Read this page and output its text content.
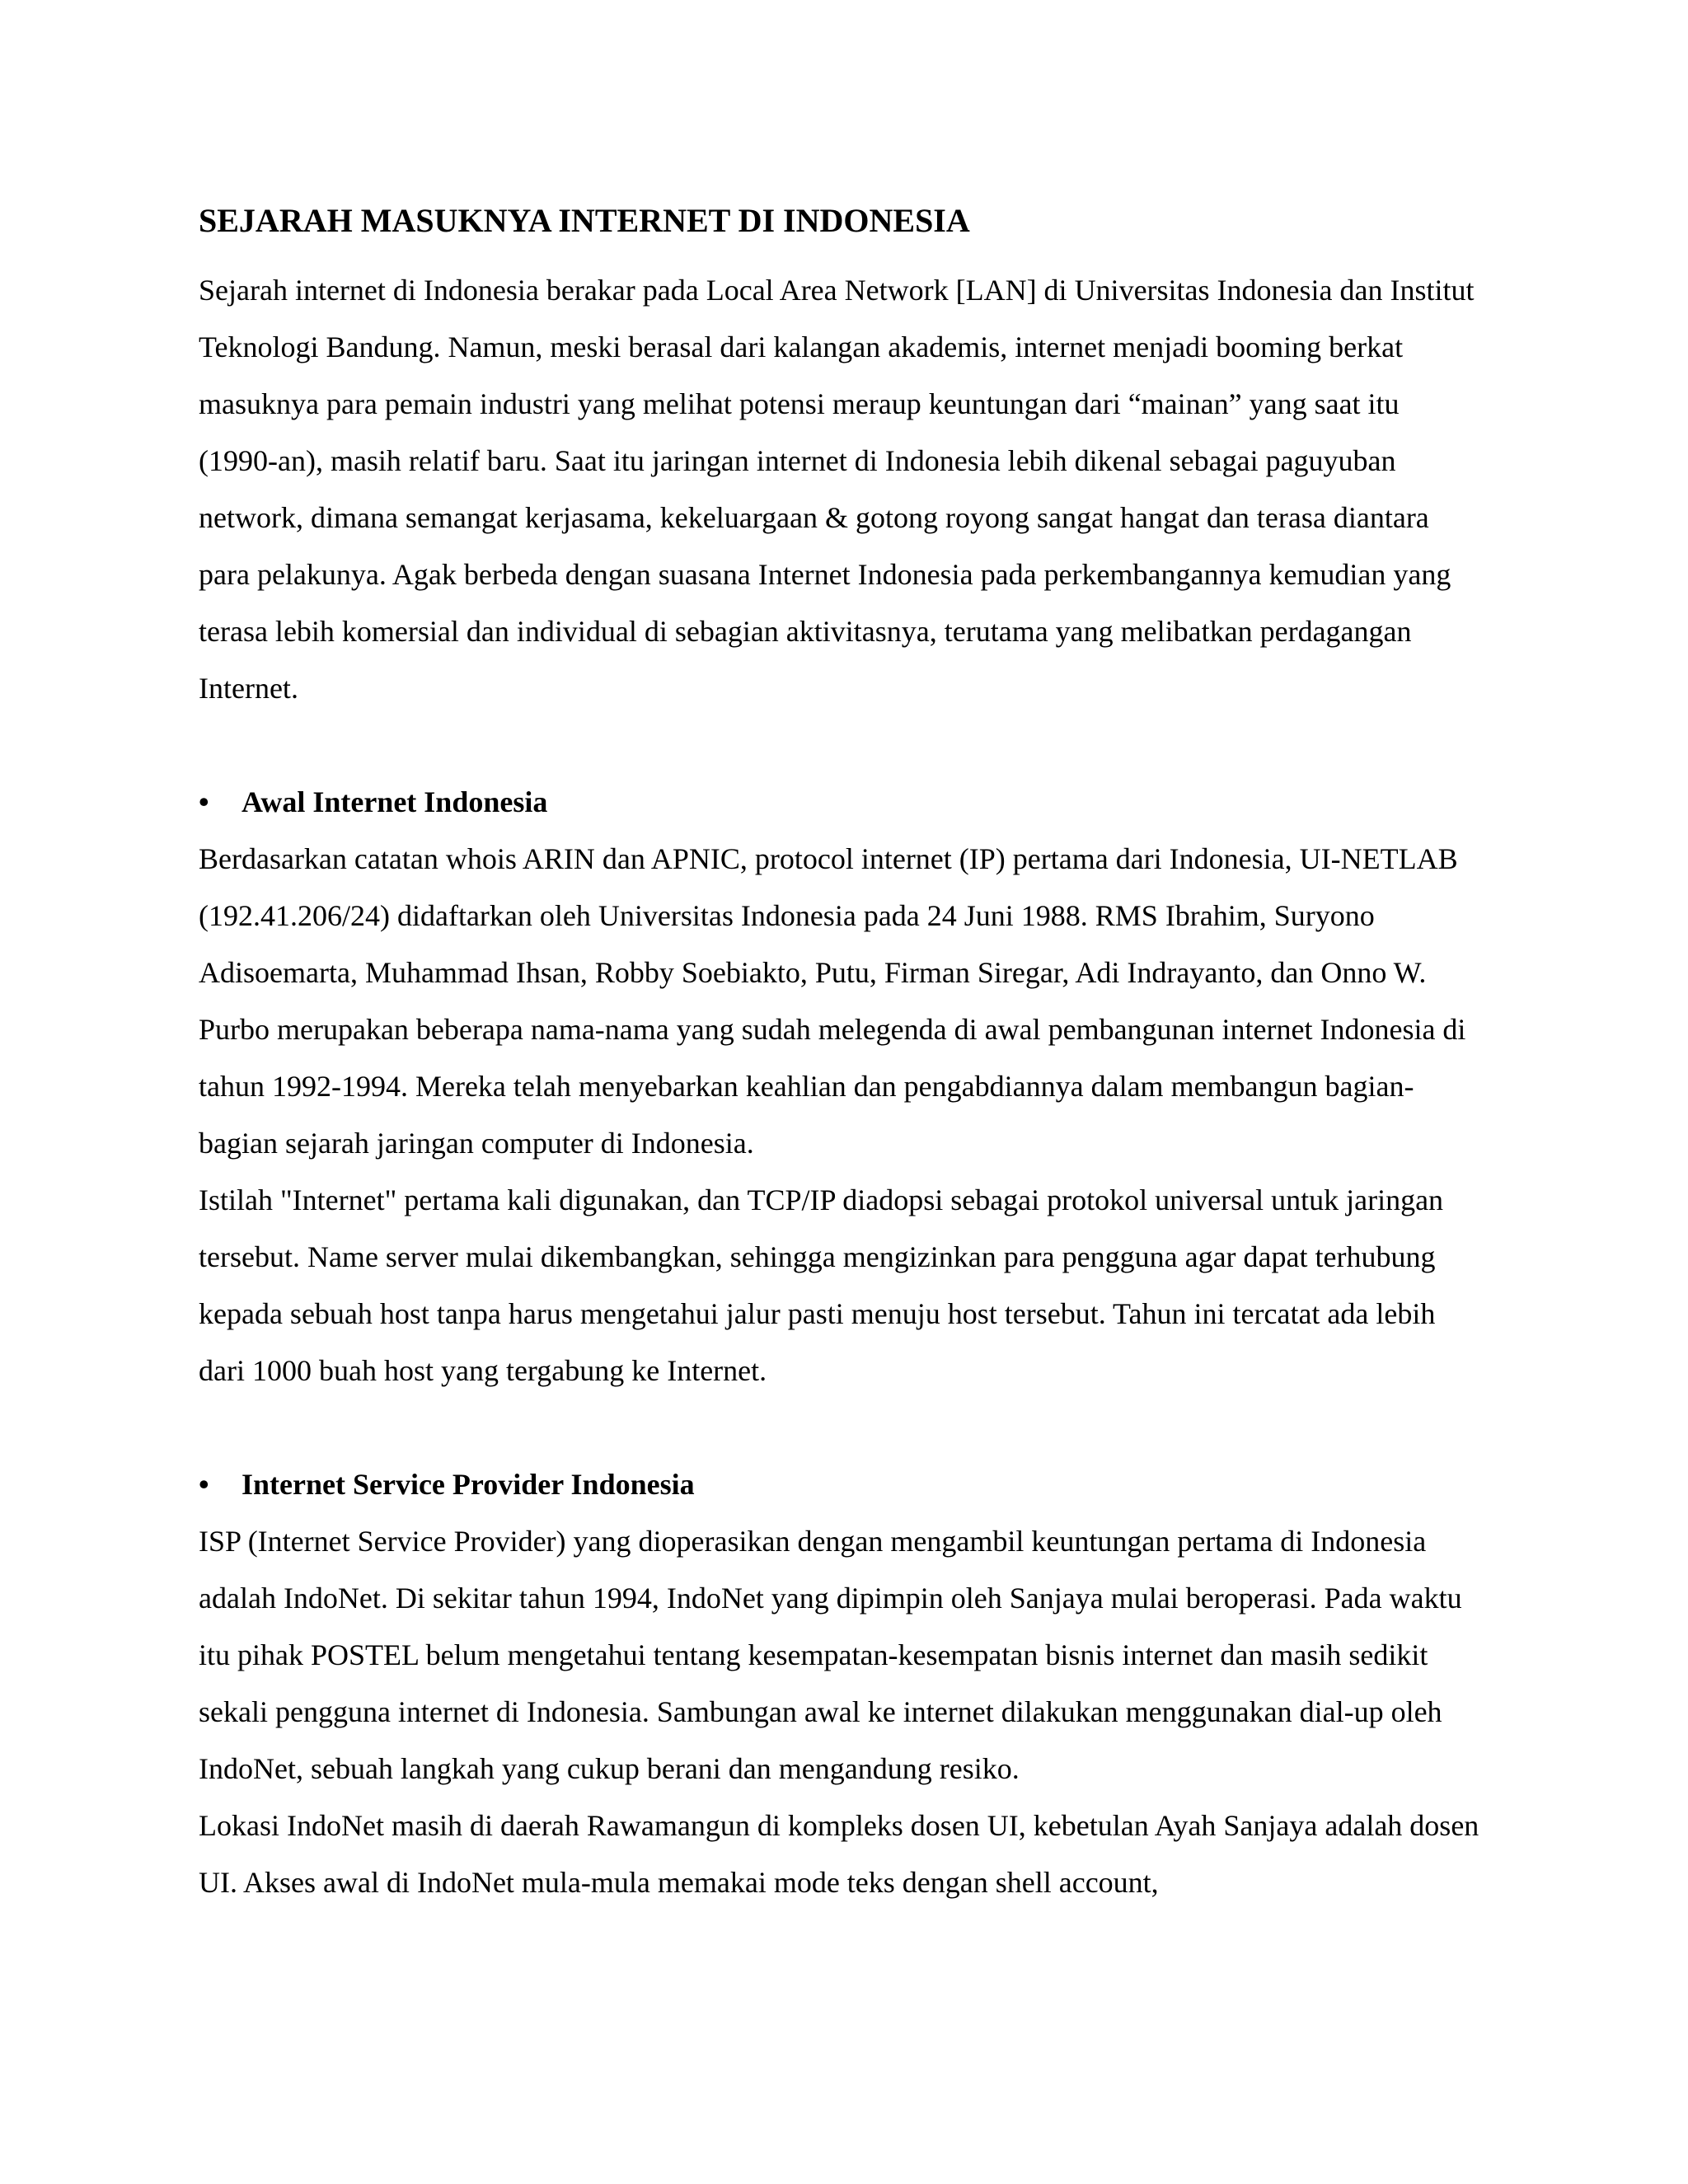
SEJARAH MASUKNYA INTERNET DI INDONESIA

Sejarah internet di Indonesia berakar pada Local Area Network [LAN] di Universitas Indonesia dan Institut Teknologi Bandung. Namun, meski berasal dari kalangan akademis, internet menjadi booming berkat masuknya para pemain industri yang melihat potensi meraup keuntungan dari “mainan” yang saat itu (1990-an), masih relatif baru. Saat itu jaringan internet di Indonesia lebih dikenal sebagai paguyuban network, dimana semangat kerjasama, kekeluargaan & gotong royong sangat hangat dan terasa diantara para pelakunya. Agak berbeda dengan suasana Internet Indonesia pada perkembangannya kemudian yang terasa lebih komersial dan individual di sebagian aktivitasnya, terutama yang melibatkan perdagangan Internet.

• Awal Internet Indonesia

Berdasarkan catatan whois ARIN dan APNIC, protocol internet (IP) pertama dari Indonesia, UI-NETLAB (192.41.206/24) didaftarkan oleh Universitas Indonesia pada 24 Juni 1988. RMS Ibrahim, Suryono Adisoemarta, Muhammad Ihsan, Robby Soebiakto, Putu, Firman Siregar, Adi Indrayanto, dan Onno W. Purbo merupakan beberapa nama-nama yang sudah melegenda di awal pembangunan internet Indonesia di tahun 1992-1994. Mereka telah menyebarkan keahlian dan pengabdiannya dalam membangun bagian-bagian sejarah jaringan computer di Indonesia.

Istilah "Internet" pertama kali digunakan, dan TCP/IP diadopsi sebagai protokol universal untuk jaringan tersebut. Name server mulai dikembangkan, sehingga mengizinkan para pengguna agar dapat terhubung kepada sebuah host tanpa harus mengetahui jalur pasti menuju host tersebut. Tahun ini tercatat ada lebih dari 1000 buah host yang tergabung ke Internet.

• Internet Service Provider Indonesia

ISP (Internet Service Provider) yang dioperasikan dengan mengambil keuntungan pertama di Indonesia adalah IndoNet. Di sekitar tahun 1994, IndoNet yang dipimpin oleh Sanjaya mulai beroperasi. Pada waktu itu pihak POSTEL belum mengetahui tentang kesempatan-kesempatan bisnis internet dan masih sedikit sekali pengguna internet di Indonesia. Sambungan awal ke internet dilakukan menggunakan dial-up oleh IndoNet, sebuah langkah yang cukup berani dan mengandung resiko.

Lokasi IndoNet masih di daerah Rawamangun di kompleks dosen UI, kebetulan Ayah Sanjaya adalah dosen UI. Akses awal di IndoNet mula-mula memakai mode teks dengan shell account,
